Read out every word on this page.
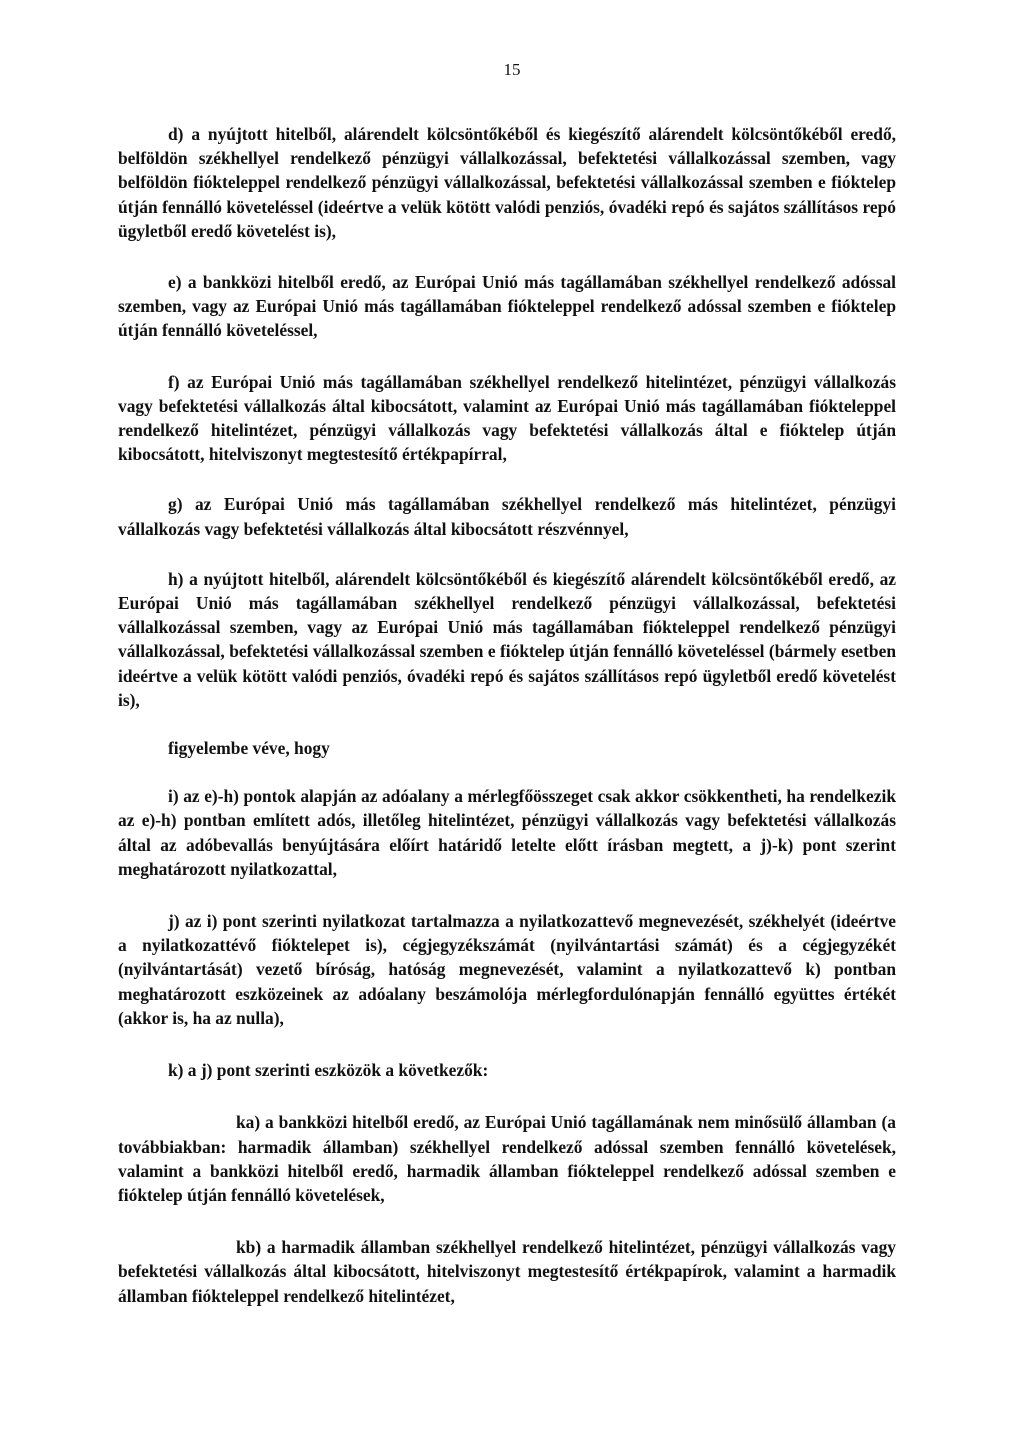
15

d) a nyújtott hitelből, alárendelt kölcsöntőkéből és kiegészítő alárendelt kölcsöntőkéből eredő, belföldön székhellyel rendelkező pénzügyi vállalkozással, befektetési vállalkozással szemben, vagy belföldön fiókteleppel rendelkező pénzügyi vállalkozással, befektetési vállalkozással szemben e fióktelep útján fennálló követeléssel (ideértve a velük kötött valódi penziós, óvadéki repó és sajátos szállításos repó ügyletből eredő követelést is),

e) a bankközi hitelből eredő, az Európai Unió más tagállamában székhellyel rendelkező adóssal szemben, vagy az Európai Unió más tagállamában fiókteleppel rendelkező adóssal szemben e fióktelep útján fennálló követeléssel,

f) az Európai Unió más tagállamában székhellyel rendelkező hitelintézet, pénzügyi vállalkozás vagy befektetési vállalkozás által kibocsátott, valamint az Európai Unió más tagállamában fiókteleppel rendelkező hitelintézet, pénzügyi vállalkozás vagy befektetési vállalkozás által e fióktelep útján kibocsátott, hitelviszonyt megtestesítő értékpapírral,

g) az Európai Unió más tagállamában székhellyel rendelkező más hitelintézet, pénzügyi vállalkozás vagy befektetési vállalkozás által kibocsátott részvénnyel,

h) a nyújtott hitelből, alárendelt kölcsöntőkéből és kiegészítő alárendelt kölcsöntőkéből eredő, az Európai Unió más tagállamában székhellyel rendelkező pénzügyi vállalkozással, befektetési vállalkozással szemben, vagy az Európai Unió más tagállamában fiókteleppel rendelkező pénzügyi vállalkozással, befektetési vállalkozással szemben e fióktelep útján fennálló követeléssel (bármely esetben ideértve a velük kötött valódi penziós, óvadéki repó és sajátos szállításos repó ügyletből eredő követelést is),

figyelembe véve, hogy

i) az e)-h) pontok alapján az adóalany a mérlegfőösszeget csak akkor csökkentheti, ha rendelkezik az e)-h) pontban említett adós, illetőleg hitelintézet, pénzügyi vállalkozás vagy befektetési vállalkozás által az adóbevallás benyújtására előírt határidő letelte előtt írásban megtett, a j)-k) pont szerint meghatározott nyilatkozattal,

j) az i) pont szerinti nyilatkozat tartalmazza a nyilatkozattevő megnevezését, székhelyét (ideértve a nyilatkozattévő fióktelepet is), cégjegyzékszámát (nyilvántartási számát) és a cégjegyzékét (nyilvántartását) vezető bíróság, hatóság megnevezését, valamint a nyilatkozattevő k) pontban meghatározott eszközeinek az adóalany beszámolója mérlegfordulónapján fennálló együttes értékét (akkor is, ha az nulla),

k) a j) pont szerinti eszközök a következők:

ka) a bankközi hitelből eredő, az Európai Unió tagállamának nem minősülő államban (a továbbiakban: harmadik államban) székhellyel rendelkező adóssal szemben fennálló követelések, valamint a bankközi hitelből eredő, harmadik államban fiókteleppel rendelkező adóssal szemben e fióktelep útján fennálló követelések,

kb) a harmadik államban székhellyel rendelkező hitelintézet, pénzügyi vállalkozás vagy befektetési vállalkozás által kibocsátott, hitelviszonyt megtestesítő értékpapírok, valamint a harmadik államban fiókteleppel rendelkező hitelintézet,
